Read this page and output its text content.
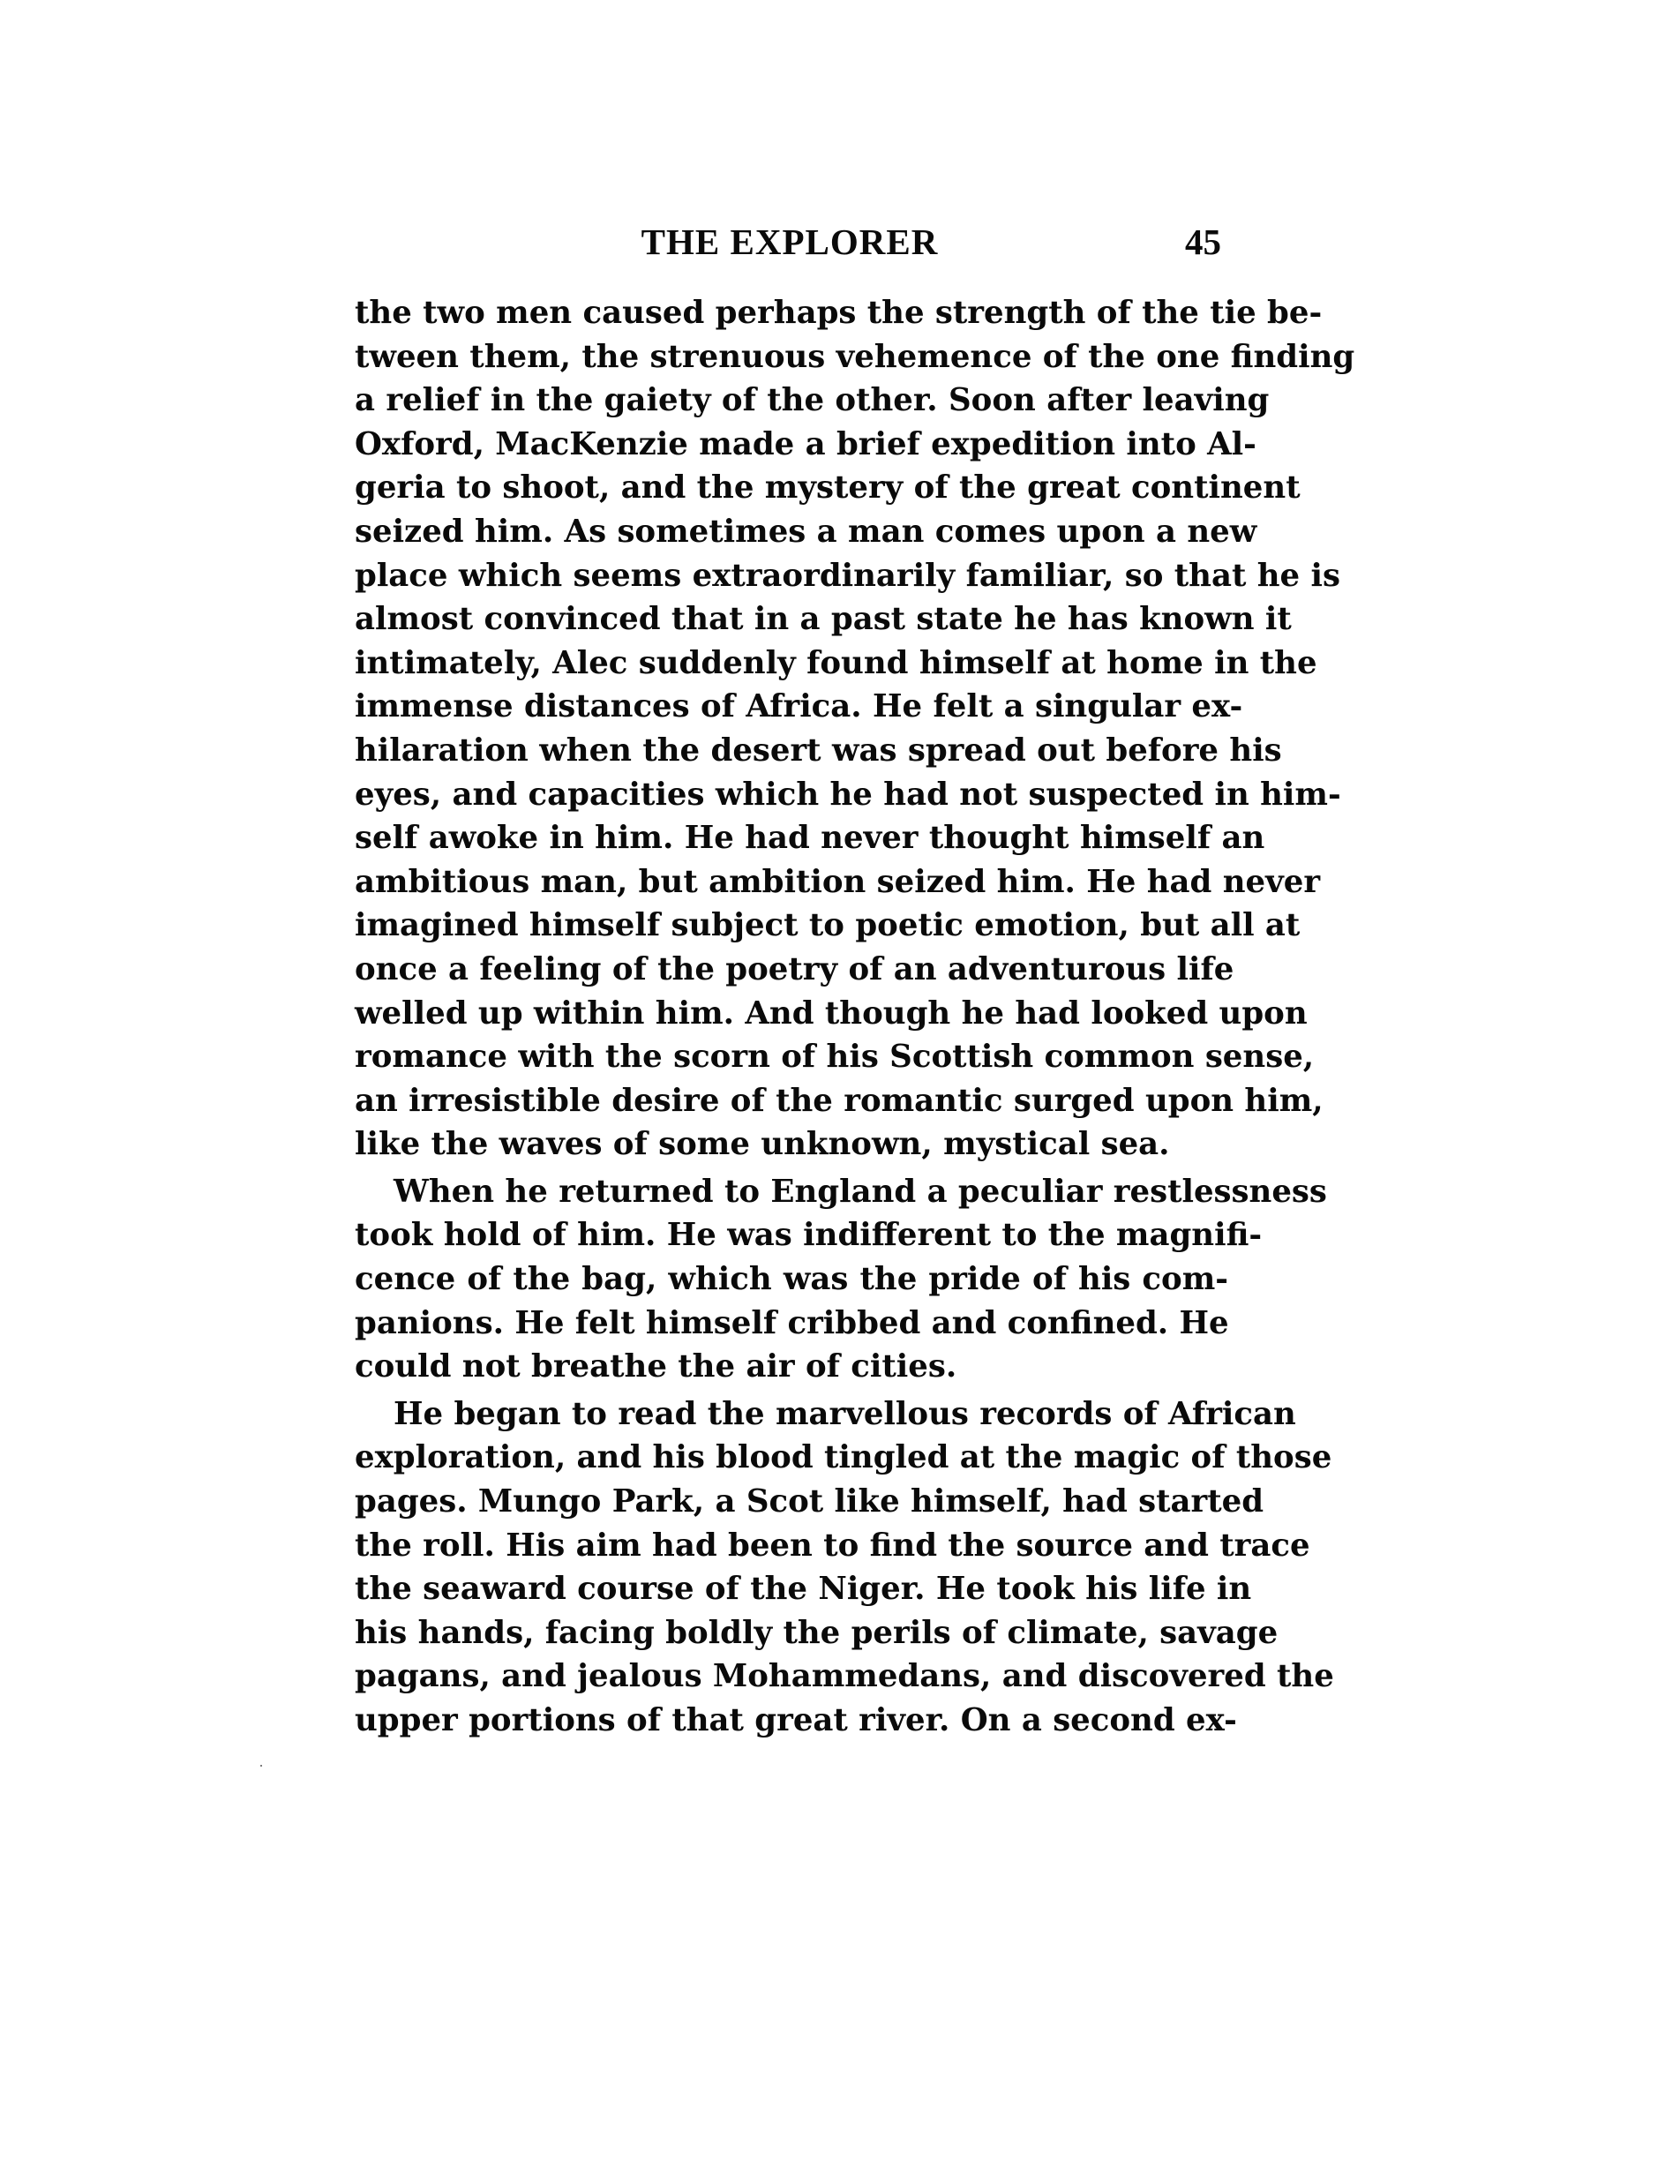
THE EXPLORER	45
the two men caused perhaps the strength of the tie be-
tween them, the strenuous vehemence of the one finding
a relief in the gaiety of the other. Soon after leaving
Oxford, MacKenzie made a brief expedition into Al-
geria to shoot, and the mystery of the great continent
seized him. As sometimes a man comes upon a new
place which seems extraordinarily familiar, so that he is
almost convinced that in a past state he has known it
intimately, Alec suddenly found himself at home in the
immense distances of Africa. He felt a singular ex-
hilaration when the desert was spread out before his
eyes, and capacities which he had not suspected in him-
self awoke in him. He had never thought himself an
ambitious man, but ambition seized him. He had never
imagined himself subject to poetic emotion, but all at
once a feeling of the poetry of an adventurous life
welled up within him. And though he had looked upon
romance with the scorn of his Scottish common sense,
an irresistible desire of the romantic surged upon him,
like the waves of some unknown, mystical sea.
When he returned to England a peculiar restlessness
took hold of him. He was indifferent to the magnifi-
cence of the bag, which was the pride of his com-
panions. He felt himself cribbed and confined. He
could not breathe the air of cities.
He began to read the marvellous records of African
exploration, and his blood tingled at the magic of those
pages. Mungo Park, a Scot like himself, had started
the roll. His aim had been to find the source and trace
the seaward course of the Niger. He took his life in
his hands, facing boldly the perils of climate, savage
pagans, and jealous Mohammedans, and discovered the
upper portions of that great river. On a second ex-
